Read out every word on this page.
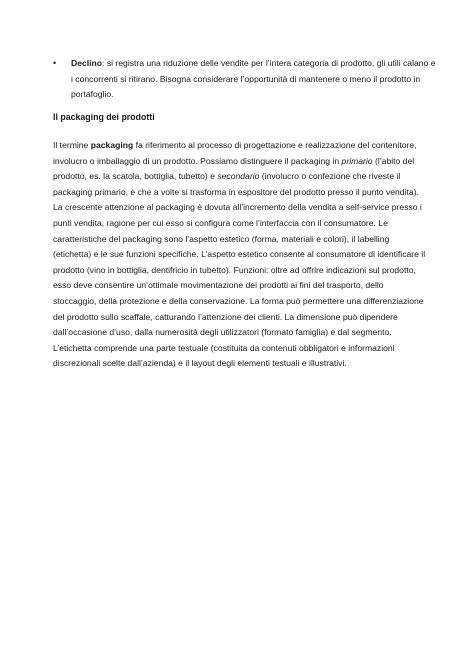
• Declino: si registra una riduzione delle vendite per l’intera categoria di prodotto, gli utili calano e i concorrenti si ritirano. Bisogna considerare l’opportunità di mantenere o meno il prodotto in portafoglio.
Il packaging dei prodotti

Il termine packaging fa riferimento al processo di progettazione e realizzazione del contenitore, involucro o imballaggio di un prodotto. Possiamo distinguere il packaging in primario (l’abito del prodotto, es. la scatola, bottiglia, tubetto) e secondario (involucro o confezione che riveste il packaging primario, e che a volte si trasforma in espositore del prodotto presso il punto vendita). La crescente attenzione al packaging è dovuta all’incremento della vendita a self-service presso i punti vendita, ragione per cui esso si configura come l’interfaccia con il consumatore. Le caratteristiche del packaging sono l’aspetto estetico (forma, materiali e colori), il labelling (etichetta) e le sue funzioni specifiche. L’aspetto estetico consente al consumatore di identificare il prodotto (vino in bottiglia, dentifricio in tubetto). Funzioni: oltre ad offrire indicazioni sul prodotto, esso deve consentire un’ottimale movimentazione dei prodotti ai fini del trasporto, dello stoccaggio, della protezione e della conservazione. La forma può permettere una differenziazione del prodotto sullo scaffale, catturando l’attenzione dei clienti. La dimensione può dipendere dall’occasione d’uso, dalla numerosità degli utilizzatori (formato famiglia) e dal segmento. L’etichetta comprende una parte testuale (costituita da contenuti obbligatori e informazioni discrezionali scelte dall’azienda) e il layout degli elementi testuali e illustrativi.
